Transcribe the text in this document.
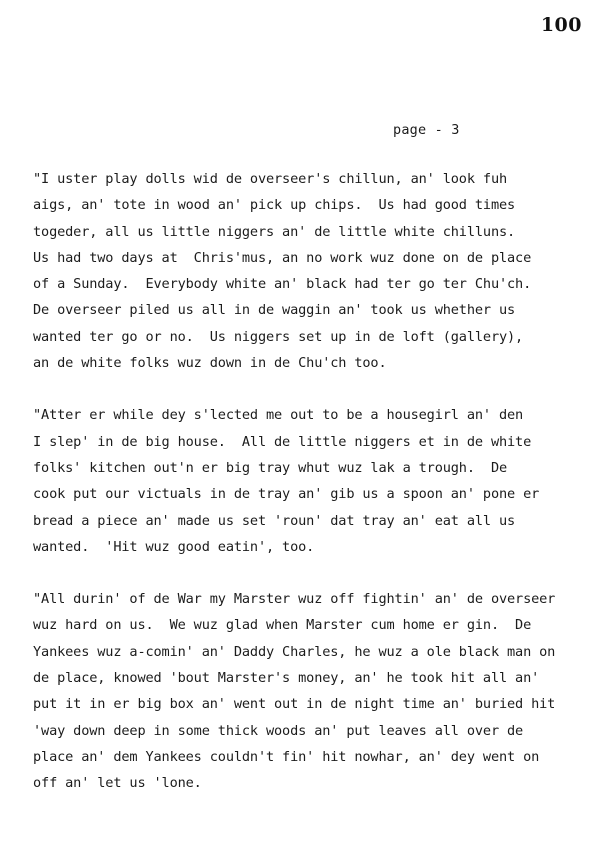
100
page - 3
"I uster play dolls wid de overseer's chillun, an' look fuh
aigs, an' tote in wood an' pick up chips.  Us had good times
togeder, all us little niggers an' de little white chilluns.
Us had two days at  Chris'mus, an no work wuz done on de place
of a Sunday.  Everybody white an' black had ter go ter Chu'ch.
De overseer piled us all in de waggin an' took us whether us
wanted ter go or no.  Us niggers set up in de loft (gallery),
an de white folks wuz down in de Chu'ch too.
"Atter er while dey s'lected me out to be a housegirl an' den
I slep' in de big house.  All de little niggers et in de white
folks' kitchen out'n er big tray whut wuz lak a trough.  De
cook put our victuals in de tray an' gib us a spoon an' pone er
bread a piece an' made us set 'roun' dat tray an' eat all us
wanted.  'Hit wuz good eatin', too.
"All durin' of de War my Marster wuz off fightin' an' de overseer
wuz hard on us.  We wuz glad when Marster cum home er gin.  De
Yankees wuz a-comin' an' Daddy Charles, he wuz a ole black man on
de place, knowed 'bout Marster's money, an' he took hit all an'
put it in er big box an' went out in de night time an' buried hit
'way down deep in some thick woods an' put leaves all over de
place an' dem Yankees couldn't fin' hit nowhar, an' dey went on
off an' let us 'lone.
